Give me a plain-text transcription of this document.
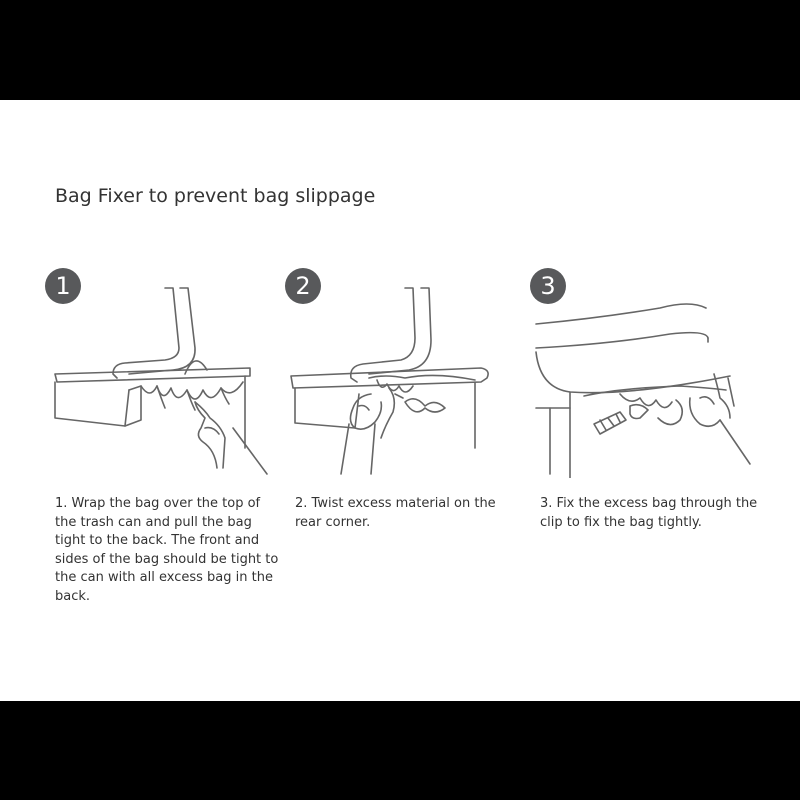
Bag Fixer to prevent bag slippage
1

1. Wrap the bag over the top of the trash can and pull the bag tight to the back. The front and sides of the bag should be tight to the can with all excess bag in the back.

2

2. Twist excess material on the rear corner.

3

3. Fix the excess bag through the clip to fix the bag tightly.
